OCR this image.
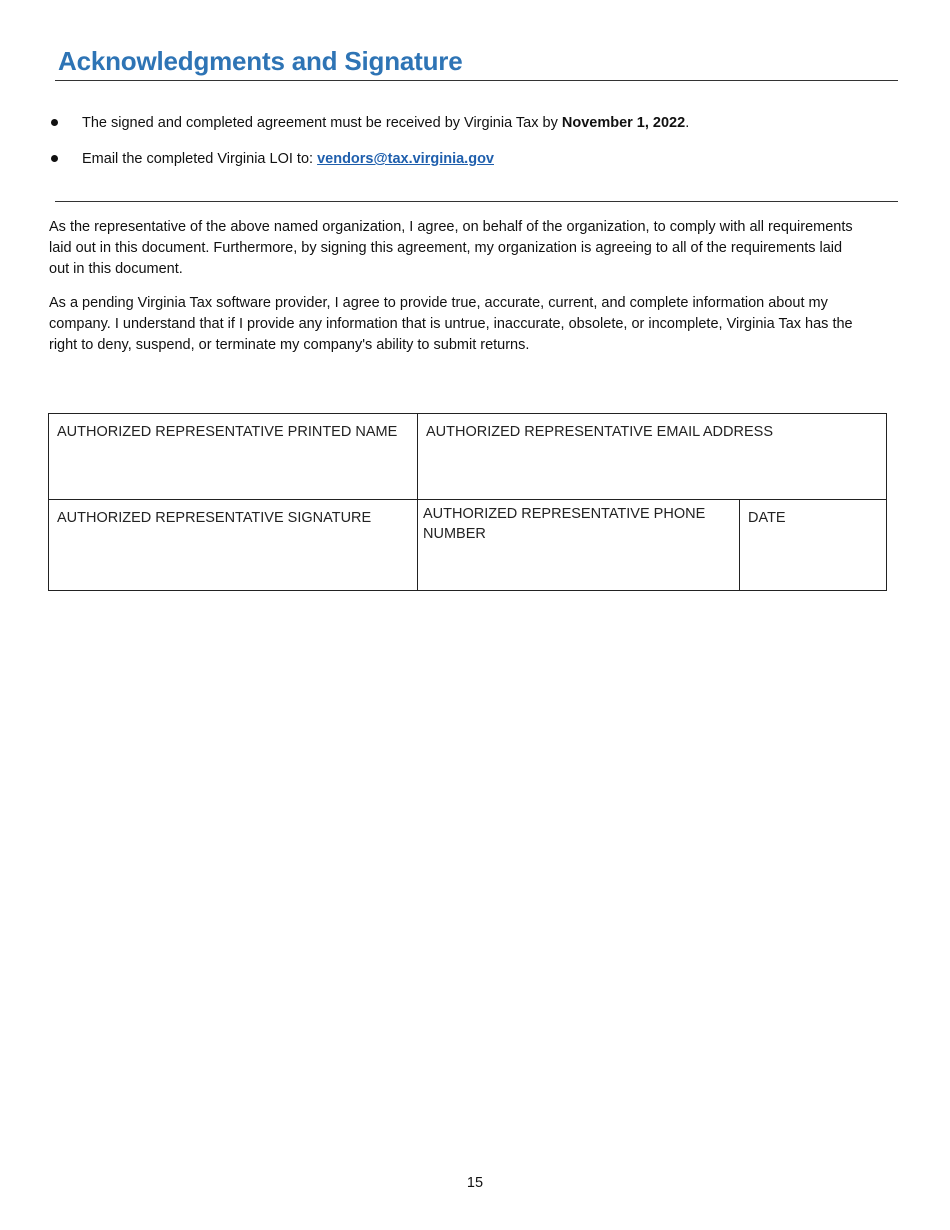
Acknowledgments and Signature
The signed and completed agreement must be received by Virginia Tax by November 1, 2022.
Email the completed Virginia LOI to: vendors@tax.virginia.gov

As the representative of the above named organization, I agree, on behalf of the organization, to comply with all requirements laid out in this document. Furthermore, by signing this agreement, my organization is agreeing to all of the requirements laid out in this document.

As a pending Virginia Tax software provider, I agree to provide true, accurate, current, and complete information about my company. I understand that if I provide any information that is untrue, inaccurate, obsolete, or incomplete, Virginia Tax has the right to deny, suspend, or terminate my company's ability to submit returns.

AUTHORIZED REPRESENTATIVE PRINTED NAME	AUTHORIZED REPRESENTATIVE EMAIL ADDRESS
AUTHORIZED REPRESENTATIVE SIGNATURE	AUTHORIZED REPRESENTATIVE PHONE NUMBER
DATE
15
